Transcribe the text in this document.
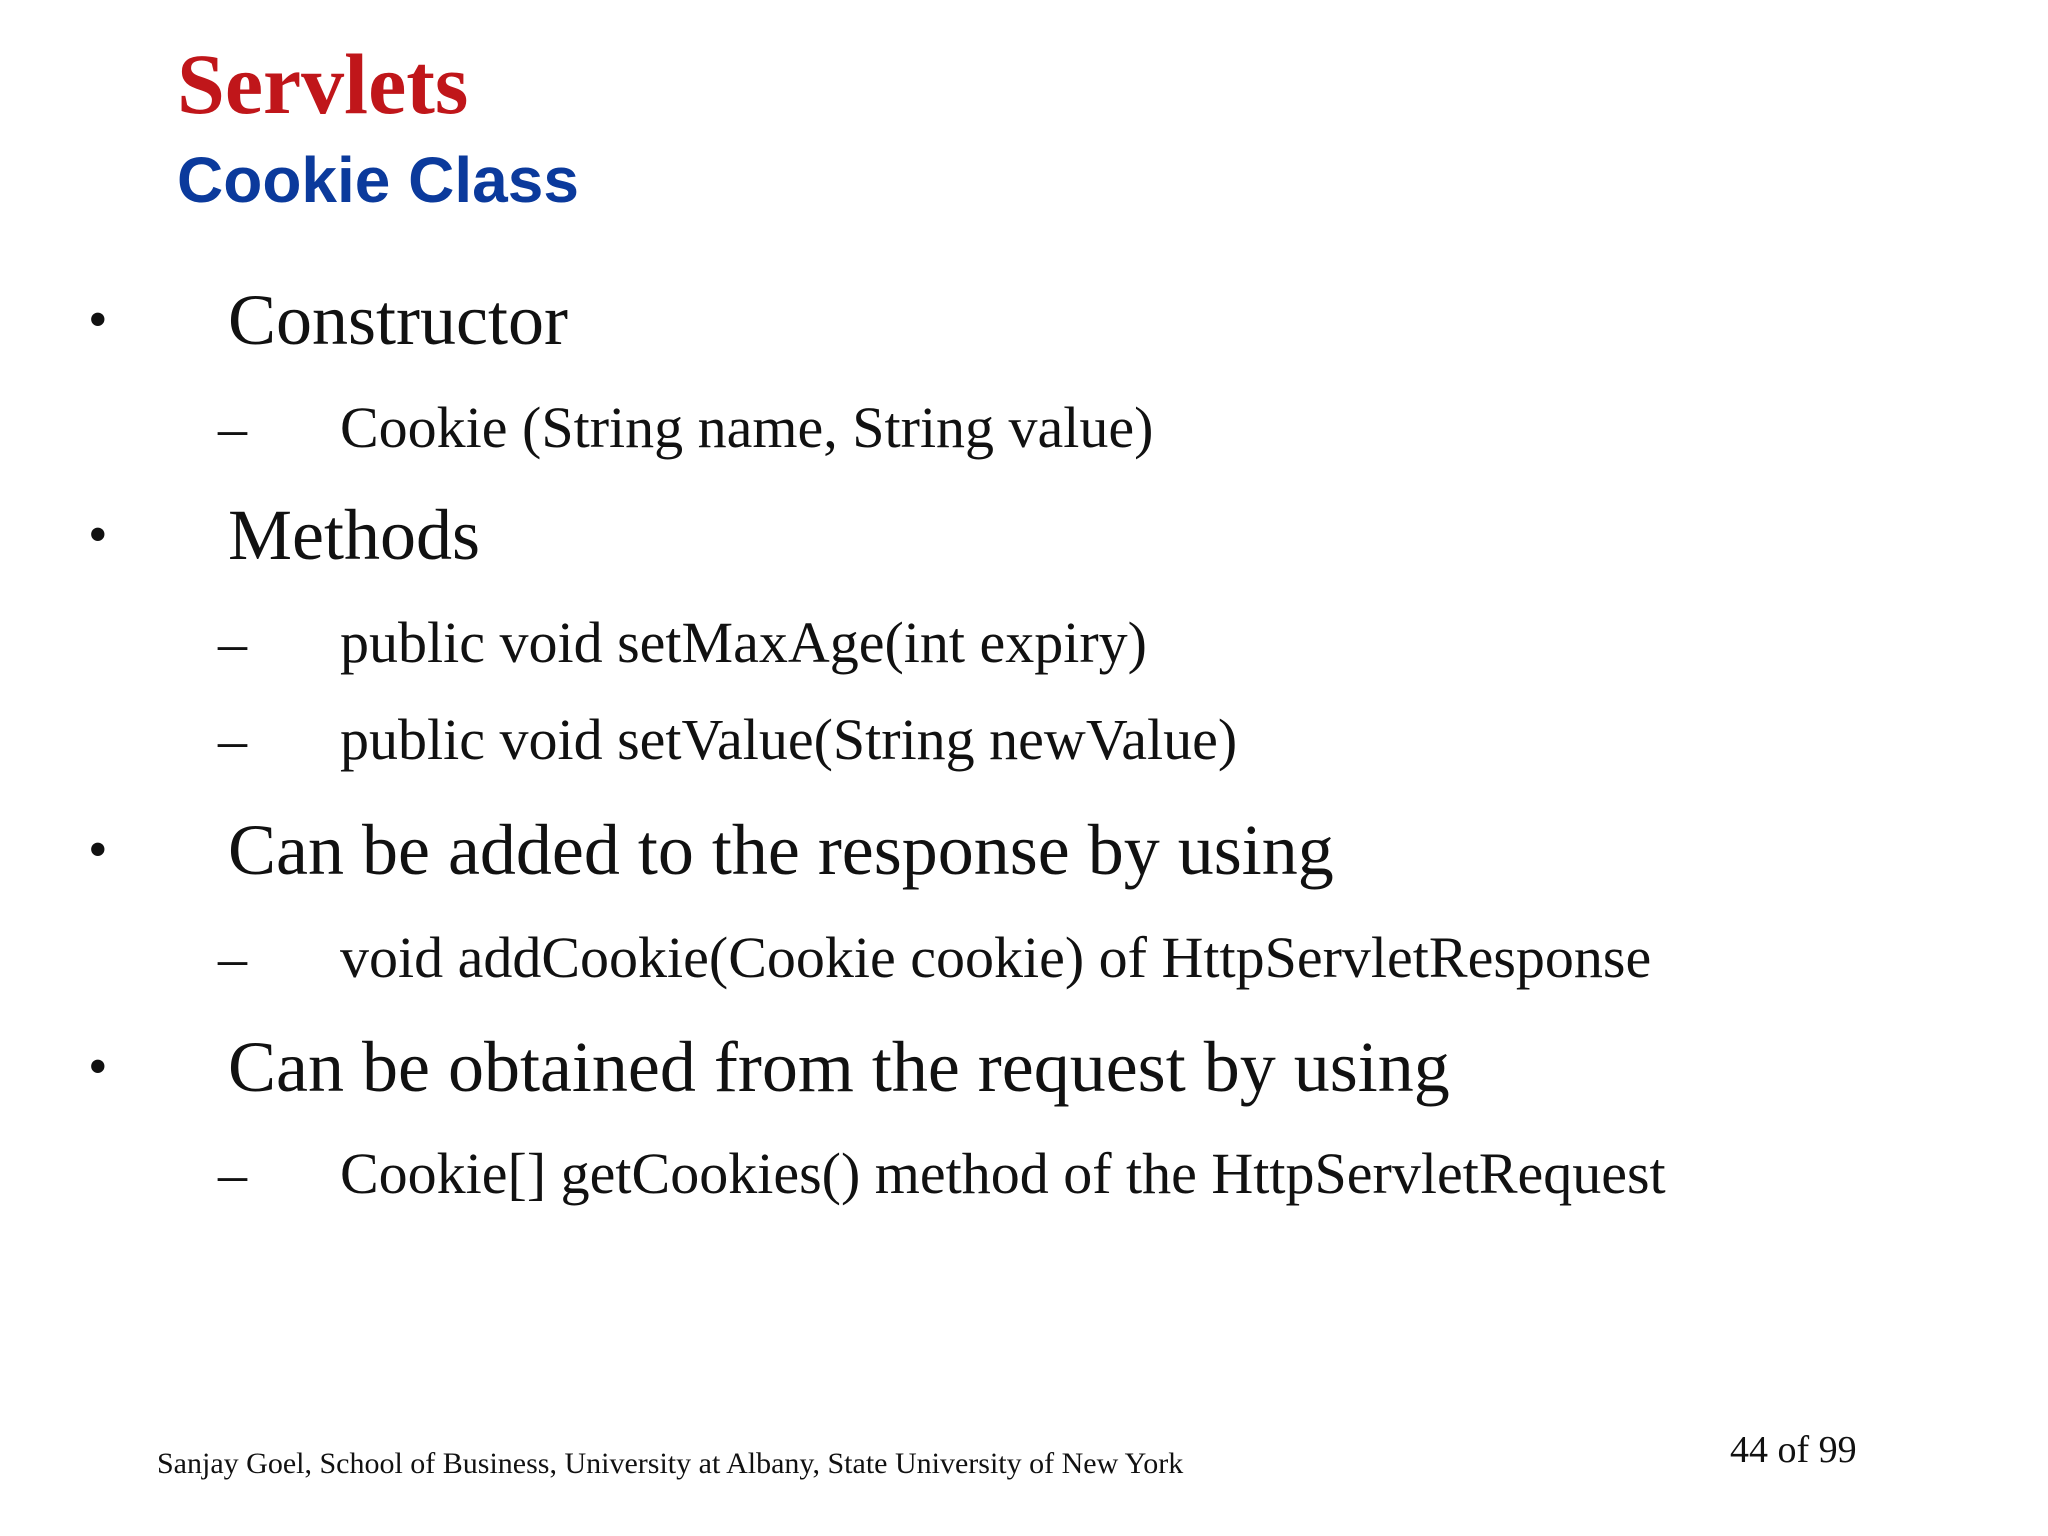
Servlets
Cookie Class
• Constructor
– Cookie (String name, String value)
• Methods
– public void setMaxAge(int expiry)
– public void setValue(String newValue)
• Can be added to the response by using
– void addCookie(Cookie cookie) of HttpServletResponse
• Can be obtained from the request by using
– Cookie[] getCookies() method of the HttpServletRequest
Sanjay Goel, School of Business, University at Albany, State University of New York	44 of 99
